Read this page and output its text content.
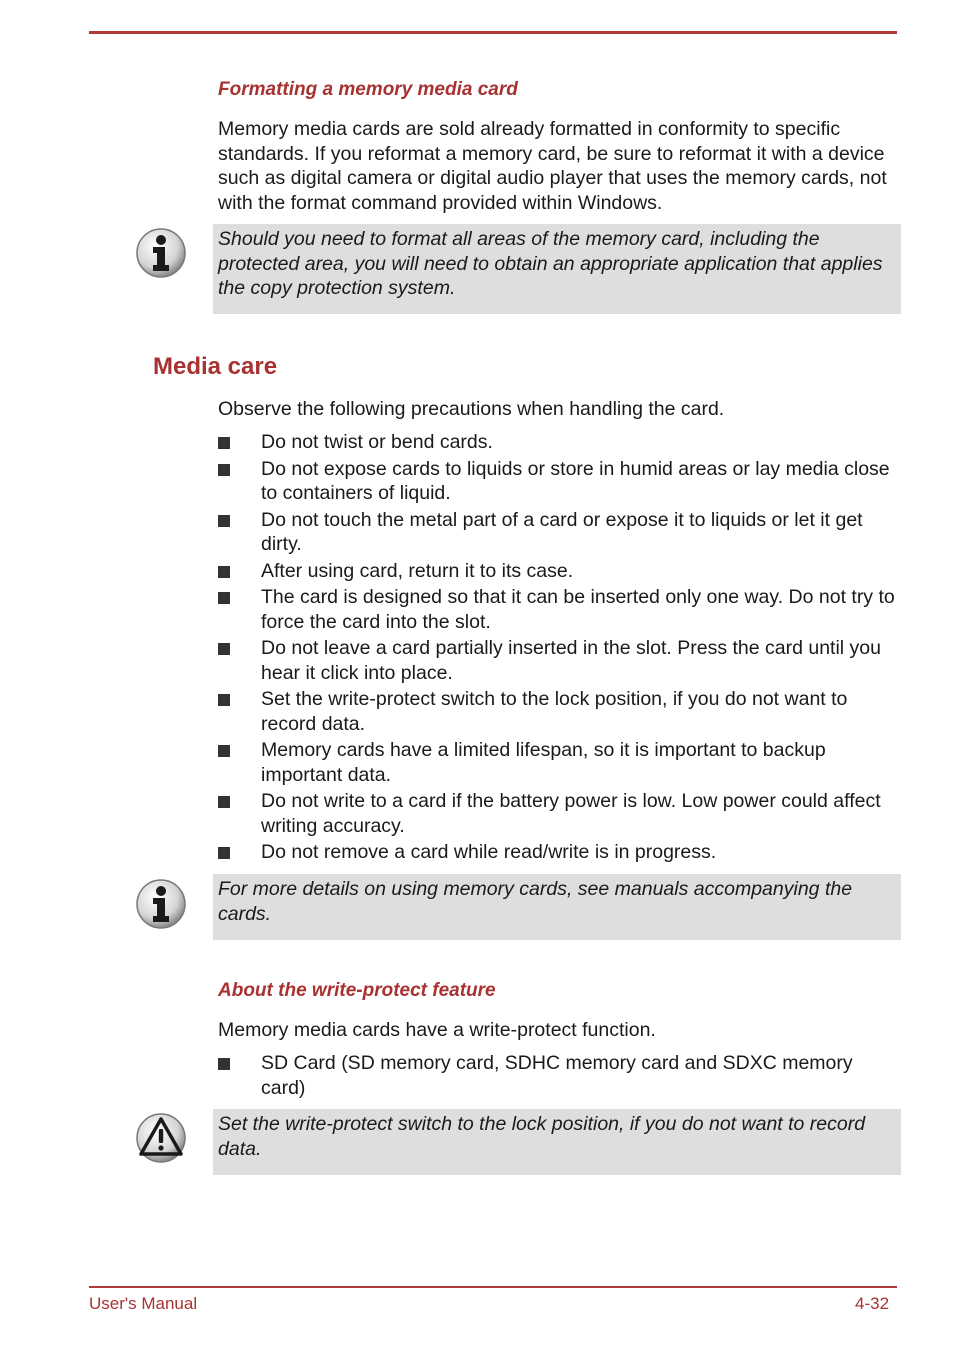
Formatting a memory media card

Memory media cards are sold already formatted in conformity to specific standards. If you reformat a memory card, be sure to reformat it with a device such as digital camera or digital audio player that uses the memory cards, not with the format command provided within Windows.

Should you need to format all areas of the memory card, including the protected area, you will need to obtain an appropriate application that applies the copy protection system.

Media care

Observe the following precautions when handling the card.

Do not twist or bend cards.
Do not expose cards to liquids or store in humid areas or lay media close to containers of liquid.
Do not touch the metal part of a card or expose it to liquids or let it get dirty.
After using card, return it to its case.
The card is designed so that it can be inserted only one way. Do not try to force the card into the slot.
Do not leave a card partially inserted in the slot. Press the card until you hear it click into place.
Set the write-protect switch to the lock position, if you do not want to record data.
Memory cards have a limited lifespan, so it is important to backup important data.
Do not write to a card if the battery power is low. Low power could affect writing accuracy.
Do not remove a card while read/write is in progress.

For more details on using memory cards, see manuals accompanying the cards.

About the write-protect feature

Memory media cards have a write-protect function.

SD Card (SD memory card, SDHC memory card and SDXC memory card)

Set the write-protect switch to the lock position, if you do not want to record data.

User's Manual	4-32
